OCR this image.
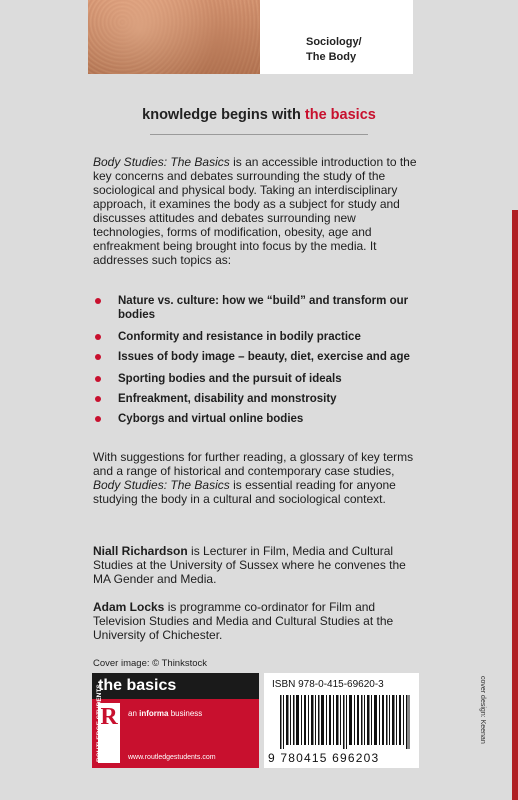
Sociology/
The Body
knowledge begins with the basics
Body Studies: The Basics is an accessible introduction to the key concerns and debates surrounding the study of the sociological and physical body. Taking an interdisciplinary approach, it examines the body as a subject for study and discusses attitudes and debates surrounding new technologies, forms of modification, obesity, age and enfreakment being brought into focus by the media. It addresses such topics as:
Nature vs. culture: how we “build” and transform our bodies
Conformity and resistance in bodily practice
Issues of body image – beauty, diet, exercise and age
Sporting bodies and the pursuit of ideals
Enfreakment, disability and monstrosity
Cyborgs and virtual online bodies
With suggestions for further reading, a glossary of key terms and a range of historical and contemporary case studies, Body Studies: The Basics is essential reading for anyone studying the body in a cultural and sociological context.
Niall Richardson is Lecturer in Film, Media and Cultural Studies at the University of Sussex where he convenes the MA Gender and Media.
Adam Locks is programme co-ordinator for Film and Television Studies and Media and Cultural Studies at the University of Chichester.
Cover image: © Thinkstock
cover design: Keenan
the basics
R
ROUTLEDGE STUDENTS	an informa business
www.routledgestudents.com
ISBN 978-0-415-69620-3
9 780415 696203
